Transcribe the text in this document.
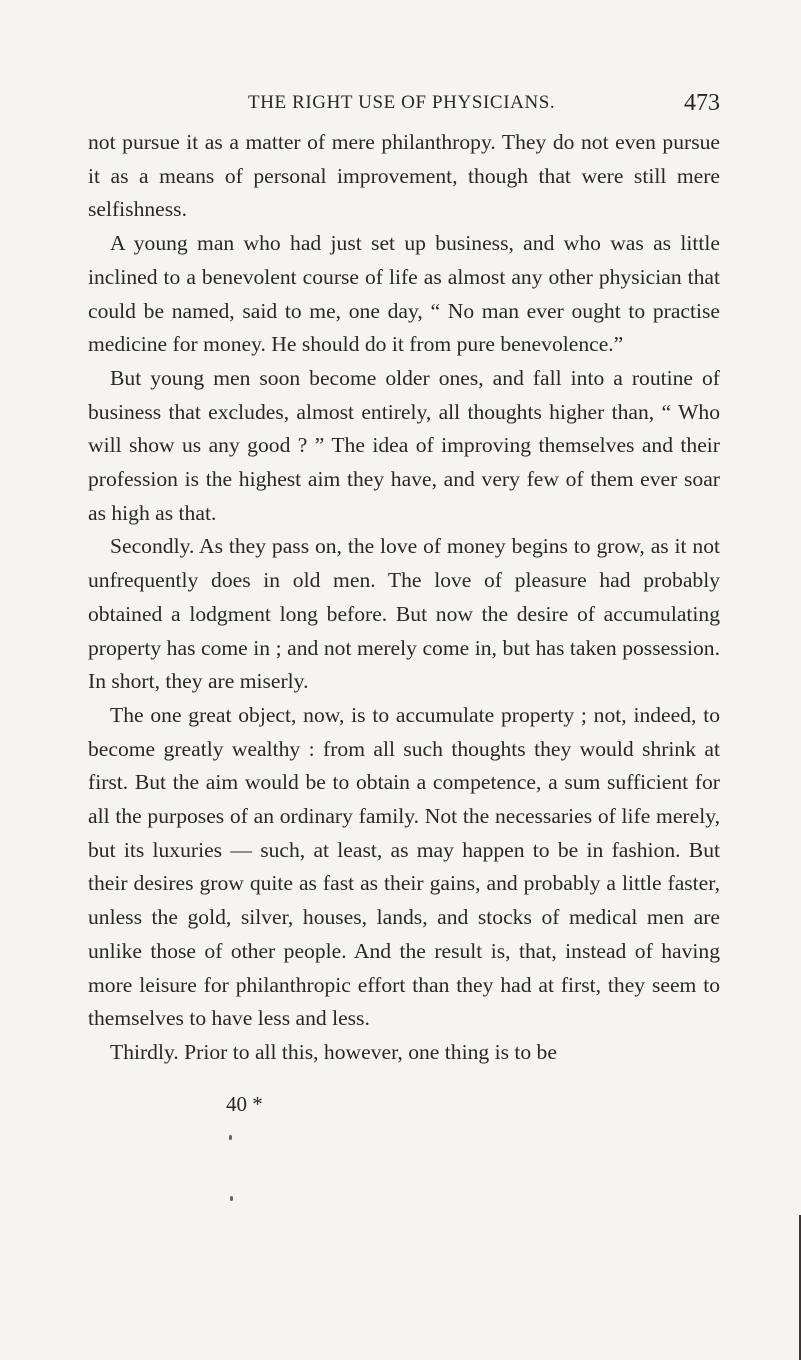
THE RIGHT USE OF PHYSICIANS.	473

not pursue it as a matter of mere philanthropy. They do not even pursue it as a means of personal improvement, though that were still mere selfishness.

A young man who had just set up business, and who was as little inclined to a benevolent course of life as almost any other physician that could be named, said to me, one day, “ No man ever ought to practise medicine for money. He should do it from pure benevolence.”

But young men soon become older ones, and fall into a routine of business that excludes, almost entirely, all thoughts higher than, “ Who will show us any good ? ” The idea of improving themselves and their profession is the highest aim they have, and very few of them ever soar as high as that.

Secondly. As they pass on, the love of money begins to grow, as it not unfrequently does in old men. The love of pleasure had probably obtained a lodgment long before. But now the desire of accumulating property has come in ; and not merely come in, but has taken possession. In short, they are miserly.

The one great object, now, is to accumulate property ; not, indeed, to become greatly wealthy : from all such thoughts they would shrink at first. But the aim would be to obtain a competence, a sum sufficient for all the purposes of an ordinary family. Not the necessaries of life merely, but its luxuries — such, at least, as may happen to be in fashion. But their desires grow quite as fast as their gains, and probably a little faster, unless the gold, silver, houses, lands, and stocks of medical men are unlike those of other people. And the result is, that, instead of having more leisure for philanthropic effort than they had at first, they seem to themselves to have less and less.

Thirdly. Prior to all this, however, one thing is to be

40 *
